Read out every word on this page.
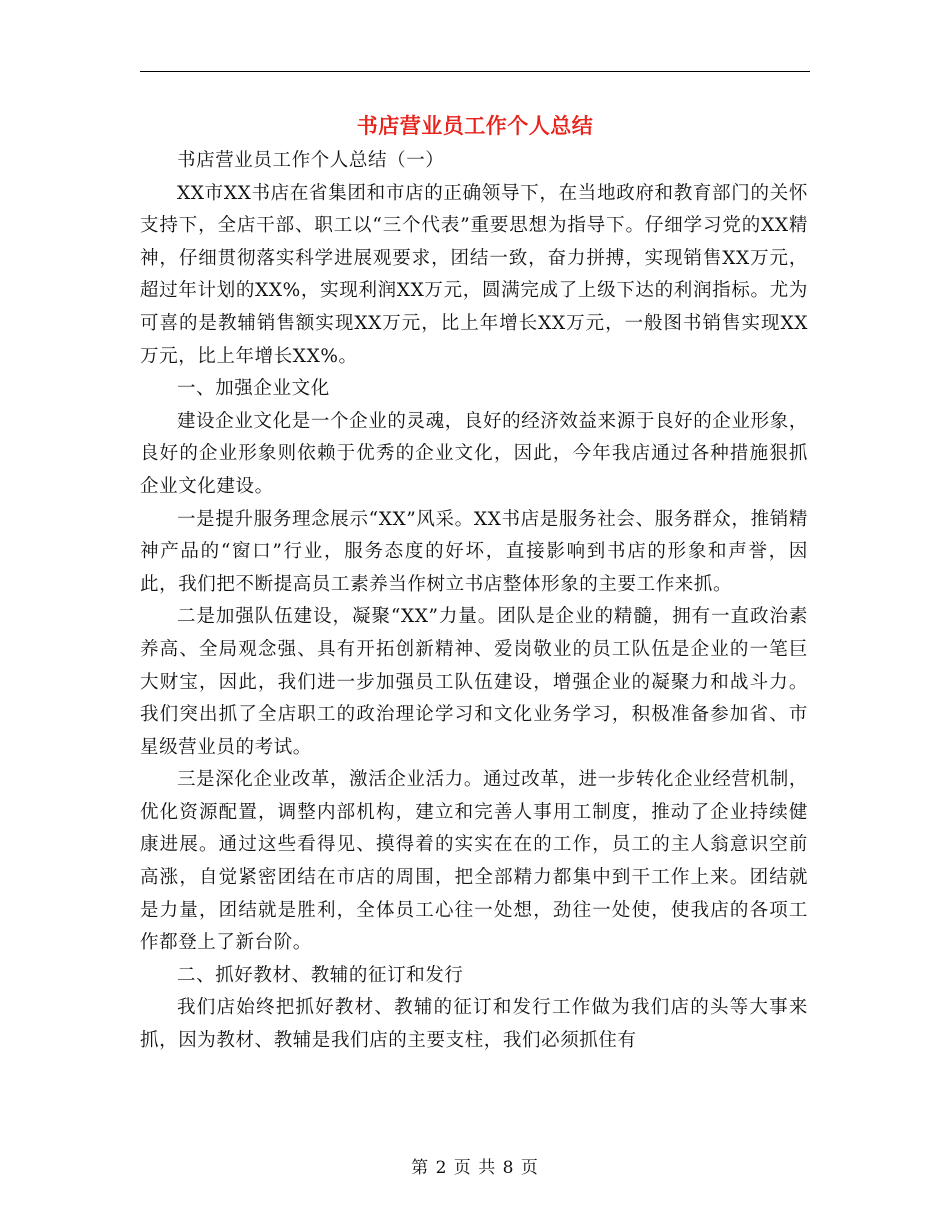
书店营业员工作个人总结

书店营业员工作个人总结（一）

XX市XX书店在省集团和市店的正确领导下，在当地政府和教育部门的关怀支持下，全店干部、职工以“三个代表”重要思想为指导下。仔细学习党的XX精神，仔细贯彻落实科学进展观要求，团结一致，奋力拼搏，实现销售XX万元，超过年计划的XX%，实现利润XX万元，圆满完成了上级下达的利润指标。尤为可喜的是教辅销售额实现XX万元，比上年增长XX万元，一般图书销售实现XX万元，比上年增长XX%。

一、加强企业文化

建设企业文化是一个企业的灵魂，良好的经济效益来源于良好的企业形象，良好的企业形象则依赖于优秀的企业文化，因此，今年我店通过各种措施狠抓企业文化建设。

一是提升服务理念展示“XX”风采。XX书店是服务社会、服务群众，推销精神产品的“窗口”行业，服务态度的好坏，直接影响到书店的形象和声誉，因此，我们把不断提高员工素养当作树立书店整体形象的主要工作来抓。

二是加强队伍建设，凝聚“XX”力量。团队是企业的精髓，拥有一直政治素养高、全局观念强、具有开拓创新精神、爱岗敬业的员工队伍是企业的一笔巨大财宝，因此，我们进一步加强员工队伍建设，增强企业的凝聚力和战斗力。我们突出抓了全店职工的政治理论学习和文化业务学习，积极准备参加省、市星级营业员的考试。

三是深化企业改革，激活企业活力。通过改革，进一步转化企业经营机制，优化资源配置，调整内部机构，建立和完善人事用工制度，推动了企业持续健康进展。通过这些看得见、摸得着的实实在在的工作，员工的主人翁意识空前高涨，自觉紧密团结在市店的周围，把全部精力都集中到干工作上来。团结就是力量，团结就是胜利，全体员工心往一处想，劲往一处使，使我店的各项工作都登上了新台阶。

二、抓好教材、教辅的征订和发行

我们店始终把抓好教材、教辅的征订和发行工作做为我们店的头等大事来抓，因为教材、教辅是我们店的主要支柱，我们必须抓住有

第 2 页 共 8 页
